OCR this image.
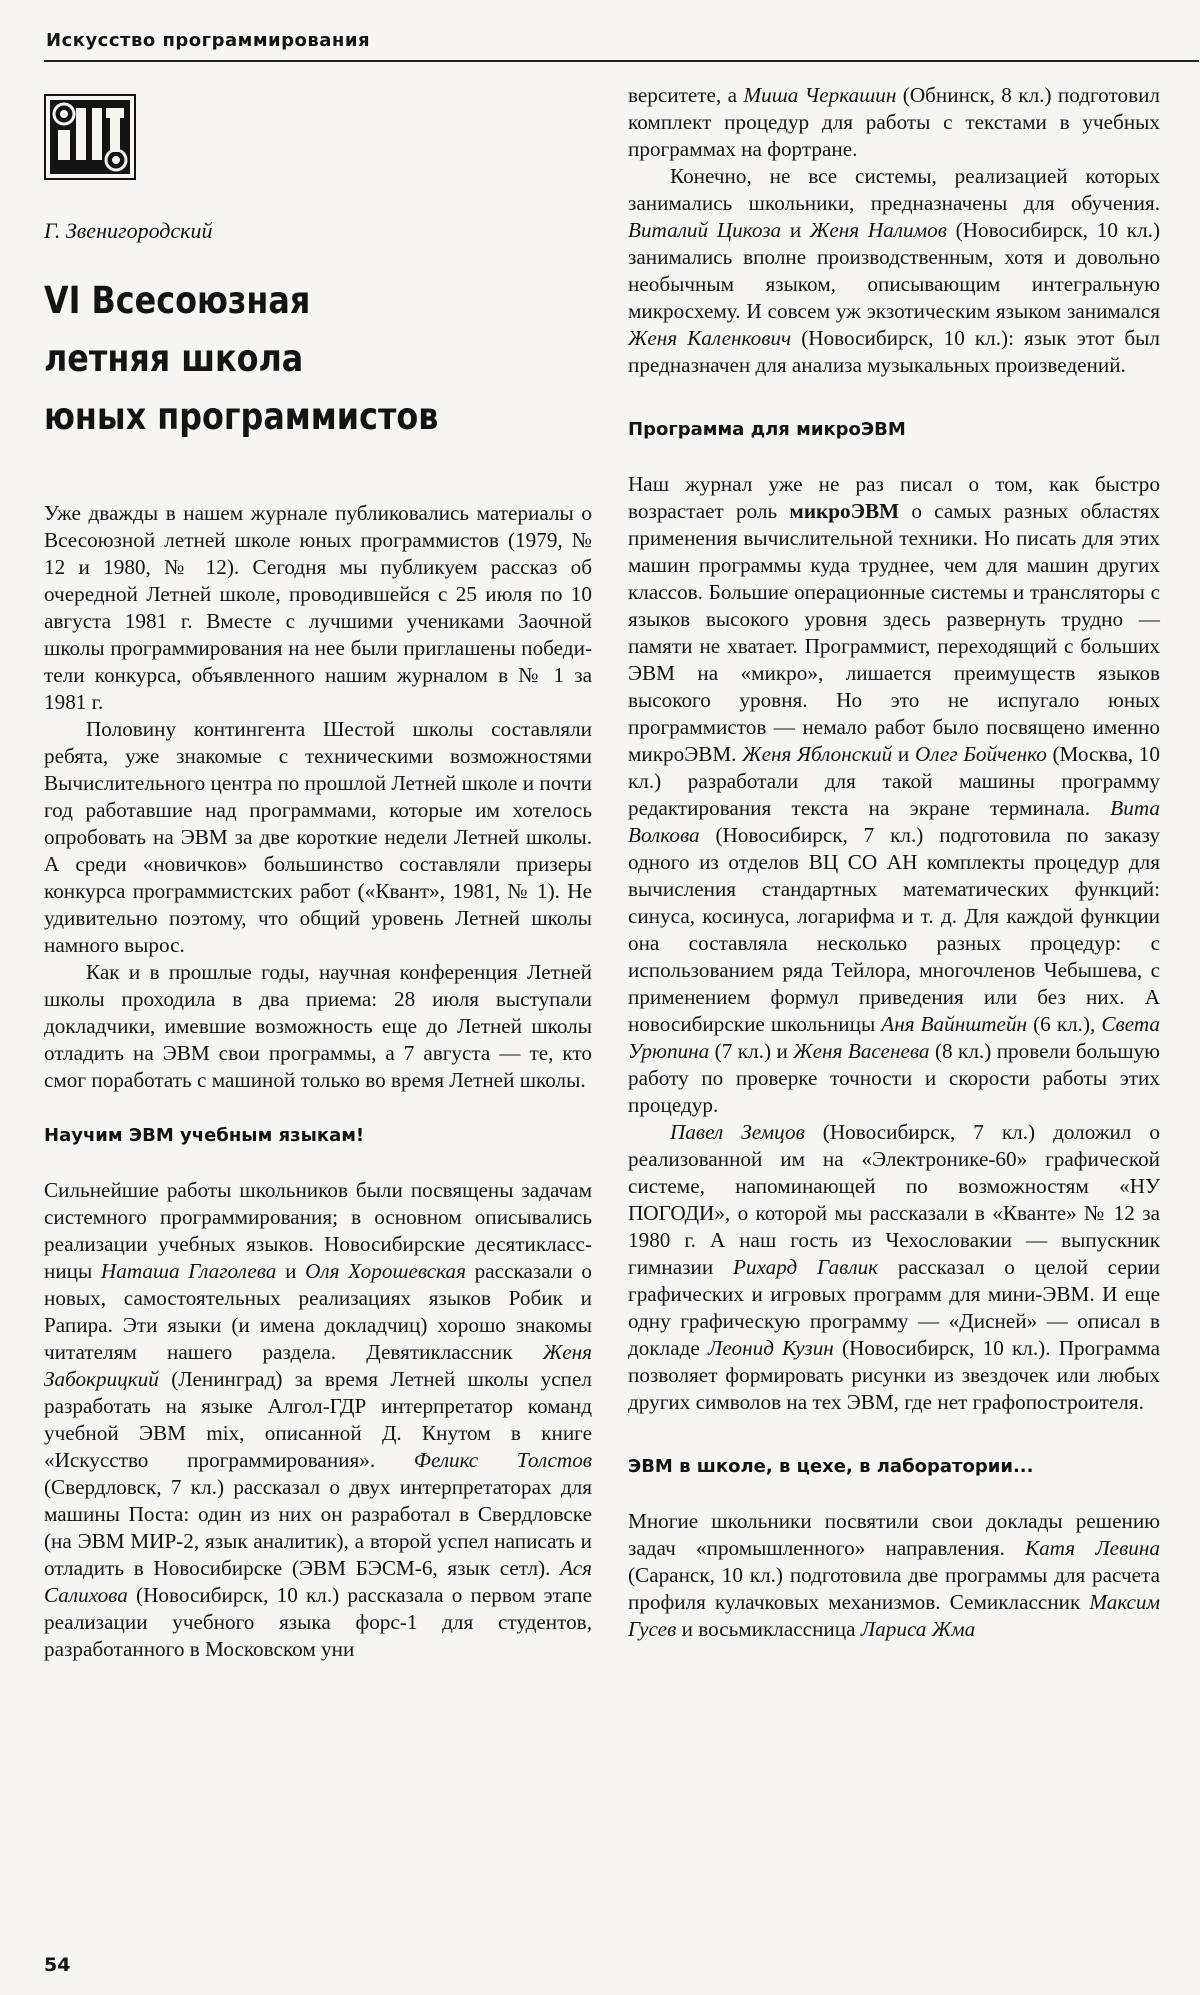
Искусство программирования
Г. Звенигородский
VI Всесоюзная
летняя школа
юных программистов

Уже дважды в нашем журнале публиковались материалы о Всесоюзной летней школе юных программистов (1979, № 12 и 1980, № 12). Сегодня мы публикуем рассказ об очередной Летней школе, проводившейся с 25 июля по 10 августа 1981 г. Вместе с лучшими учениками Заочной школы программирования на нее были приглашены победители конкурса, объявленного нашим журналом в № 1 за 1981 г.

Половину контингента Шестой школы составляли ребята, уже знакомые с техническими возможностями Вычислительного центра по прошлой Летней школе и почти год работавшие над программами, которые им хотелось опробовать на ЭВМ за две короткие недели Летней школы. А среди «новичков» большинство составляли призеры конкурса программистских работ («Квант», 1981, № 1). Не удивительно поэтому, что общий уровень Летней школы намного вырос.

Как и в прошлые годы, научная конференция Летней школы проходила в два приема: 28 июля выступали докладчики, имевшие возможность еще до Летней школы отладить на ЭВМ свои программы, а 7 августа — те, кто смог поработать с машиной только во время Летней школы.

Научим ЭВМ учебным языкам!

Сильнейшие работы школьников были посвящены задачам системного программирования; в основном описывались реализации учебных языков. Новосибирские десятиклассницы Наташа Глаголева и Оля Хорошевская рассказали о новых, самостоятельных реализациях языков Робик и Рапира. Эти языки (и имена докладчиц) хорошо знакомы читателям нашего раздела. Девятиклассник Женя Забокрицкий (Ленинград) за время Летней школы успел разработать на языке Алгол-ГДР интерпретатор команд учебной ЭВМ mix, описанной Д. Кнутом в книге «Искусство программирования». Феликс Толстов (Свердловск, 7 кл.) рассказал о двух интерпретаторах для машины Поста: один из них он разработал в Свердловске (на ЭВМ МИР-2, язык аналитик), а второй успел написать и отладить в Новосибирске (ЭВМ БЭСМ-6, язык сетл). Ася Салихова (Новосибирск, 10 кл.) рассказала о первом этапе реализации учебного языка форс-1 для студентов, разработанного в Московском уни

верситете, а Миша Черкашин (Обнинск, 8 кл.) подготовил комплект процедур для работы с текстами в учебных программах на фортране.

Конечно, не все системы, реализацией которых занимались школьники, предназначены для обучения. Виталий Цикоза и Женя Налимов (Новосибирск, 10 кл.) занимались вполне производственным, хотя и довольно необычным языком, описывающим интегральную микросхему. И совсем уж экзотическим языком занимался Женя Каленкович (Новосибирск, 10 кл.): язык этот был предназначен для анализа музыкальных произведений.

Программа для микроЭВМ

Наш журнал уже не раз писал о том, как быстро возрастает роль микроЭВМ о самых разных областях применения вычислительной техники. Но писать для этих машин программы куда труднее, чем для машин других классов. Большие операционные системы и трансляторы с языков высокого уровня здесь развернуть трудно — памяти не хватает. Программист, переходящий с больших ЭВМ на «микро», лишается преимуществ языков высокого уровня. Но это не испугало юных программистов — немало работ было посвящено именно микроЭВМ. Женя Яблонский и Олег Бойченко (Москва, 10 кл.) разработали для такой машины программу редактирования текста на экране терминала. Вита Волкова (Новосибирск, 7 кл.) подготовила по заказу одного из отделов ВЦ СО АН комплекты процедур для вычисления стандартных математических функций: синуса, косинуса, логарифма и т. д. Для каждой функции она составляла несколько разных процедур: с использованием ряда Тейлора, многочленов Чебышева, с применением формул приведения или без них. А новосибирские школьницы Аня Вайнштейн (6 кл.), Света Урюпина (7 кл.) и Женя Васенева (8 кл.) провели большую работу по проверке точности и скорости работы этих процедур.

Павел Земцов (Новосибирск, 7 кл.) доложил о реализованной им на «Электронике-60» графической системе, напоминающей по возможностям «НУ ПОГОДИ», о которой мы рассказали в «Кванте» № 12 за 1980 г. А наш гость из Чехословакии — выпускник гимназии Рихард Гавлик рассказал о целой серии графических и игровых программ для мини-ЭВМ. И еще одну графическую программу — «Дисней» — описал в докладе Леонид Кузин (Новосибирск, 10 кл.). Программа позволяет формировать рисунки из звездочек или любых других символов на тех ЭВМ, где нет графопостроителя.

ЭВМ в школе, в цехе, в лаборатории...

Многие школьники посвятили свои доклады решению задач «промышленного» направления. Катя Левина (Саранск, 10 кл.) подготовила две программы для расчета профиля кулачковых механизмов. Семиклассник Максим Гусев и восьмиклассница Лариса Жма

54
